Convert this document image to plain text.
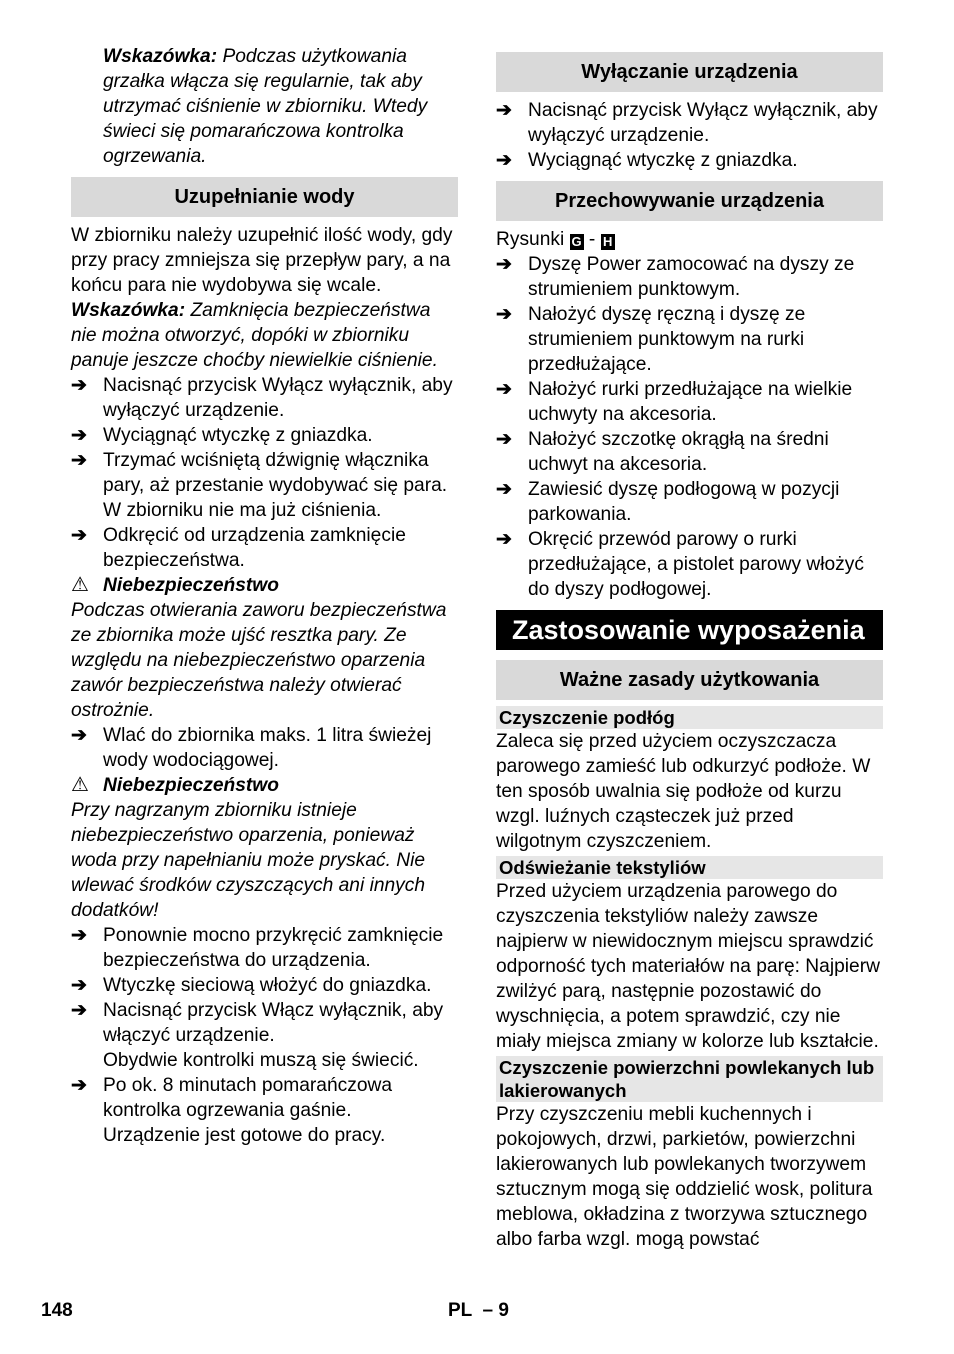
Wskazówka: Podczas użytkowania grzałka włącza się regularnie, tak aby utrzymać ciśnienie w zbiorniku. Wtedy świeci się pomarańczowa kontrolka ogrzewania.

Uzupełnianie wody

W zbiorniku należy uzupełnić ilość wody, gdy przy pracy zmniejsza się przepływ pary, a na końcu para nie wydobywa się wcale.

Wskazówka: Zamknięcia bezpieczeństwa nie można otworzyć, dopóki w zbiorniku panuje jeszcze choćby niewielkie ciśnienie.

➔ Nacisnąć przycisk Wyłącz wyłącznik, aby wyłączyć urządzenie.
➔ Wyciągnąć wtyczkę z gniazdka.
➔ Trzymać wciśniętą dźwignię włącznika pary, aż przestanie wydobywać się para. W zbiorniku nie ma już ciśnienia.
➔ Odkręcić od urządzenia zamknięcie bezpieczeństwa.
⚠ Niebezpieczeństwo

Podczas otwierania zaworu bezpieczeństwa ze zbiornika może ujść resztka pary. Ze względu na niebezpieczeństwo oparzenia zawór bezpieczeństwa należy otwierać ostrożnie.

➔ Wlać do zbiornika maks. 1 litra świeżej wody wodociągowej.
⚠ Niebezpieczeństwo

Przy nagrzanym zbiorniku istnieje niebezpieczeństwo oparzenia, ponieważ woda przy napełnianiu może pryskać. Nie wlewać środków czyszczących ani innych dodatków!

➔ Ponownie mocno przykręcić zamknięcie bezpieczeństwa do urządzenia.
➔ Wtyczkę sieciową włożyć do gniazdka.
➔ Nacisnąć przycisk Włącz wyłącznik, aby włączyć urządzenie.

Obydwie kontrolki muszą się świecić.

➔ Po ok. 8 minutach pomarańczowa kontrolka ogrzewania gaśnie.

Urządzenie jest gotowe do pracy.

Wyłączanie urządzenia
➔ Nacisnąć przycisk Wyłącz wyłącznik, aby wyłączyć urządzenie.
➔ Wyciągnąć wtyczkę z gniazdka.
Przechowywanie urządzenia

Rysunki G - H

➔ Dyszę Power zamocować na dyszy ze strumieniem punktowym.
➔ Nałożyć dyszę ręczną i dyszę ze strumieniem punktowym na rurki przedłużające.
➔ Nałożyć rurki przedłużające na wielkie uchwyty na akcesoria.
➔ Nałożyć szczotkę okrągłą na średni uchwyt na akcesoria.
➔ Zawiesić dyszę podłogową w pozycji parkowania.
➔ Okręcić przewód parowy o rurki przedłużające, a pistolet parowy włożyć do dyszy podłogowej.
Zastosowanie wyposażenia
Ważne zasady użytkowania
Czyszczenie podłóg

Zaleca się przed użyciem oczyszczacza parowego zamieść lub odkurzyć podłoże. W ten sposób uwalnia się podłoże od kurzu wzgl. luźnych cząsteczek już przed wilgotnym czyszczeniem.

Odświeżanie tekstyliów

Przed użyciem urządzenia parowego do czyszczenia tekstyliów należy zawsze najpierw w niewidocznym miejscu sprawdzić odporność tych materiałów na parę: Najpierw zwilżyć parą, następnie pozostawić do wyschnięcia, a potem sprawdzić, czy nie miały miejsca zmiany w kolorze lub kształcie.

Czyszczenie powierzchni powlekanych lub lakierowanych

Przy czyszczeniu mebli kuchennych i pokojowych, drzwi, parkietów, powierzchni lakierowanych lub powlekanych tworzywem sztucznym mogą się oddzielić wosk, politura meblowa, okładzina z tworzywa sztucznego albo farba wzgl. mogą powstać

148	PL  – 9
